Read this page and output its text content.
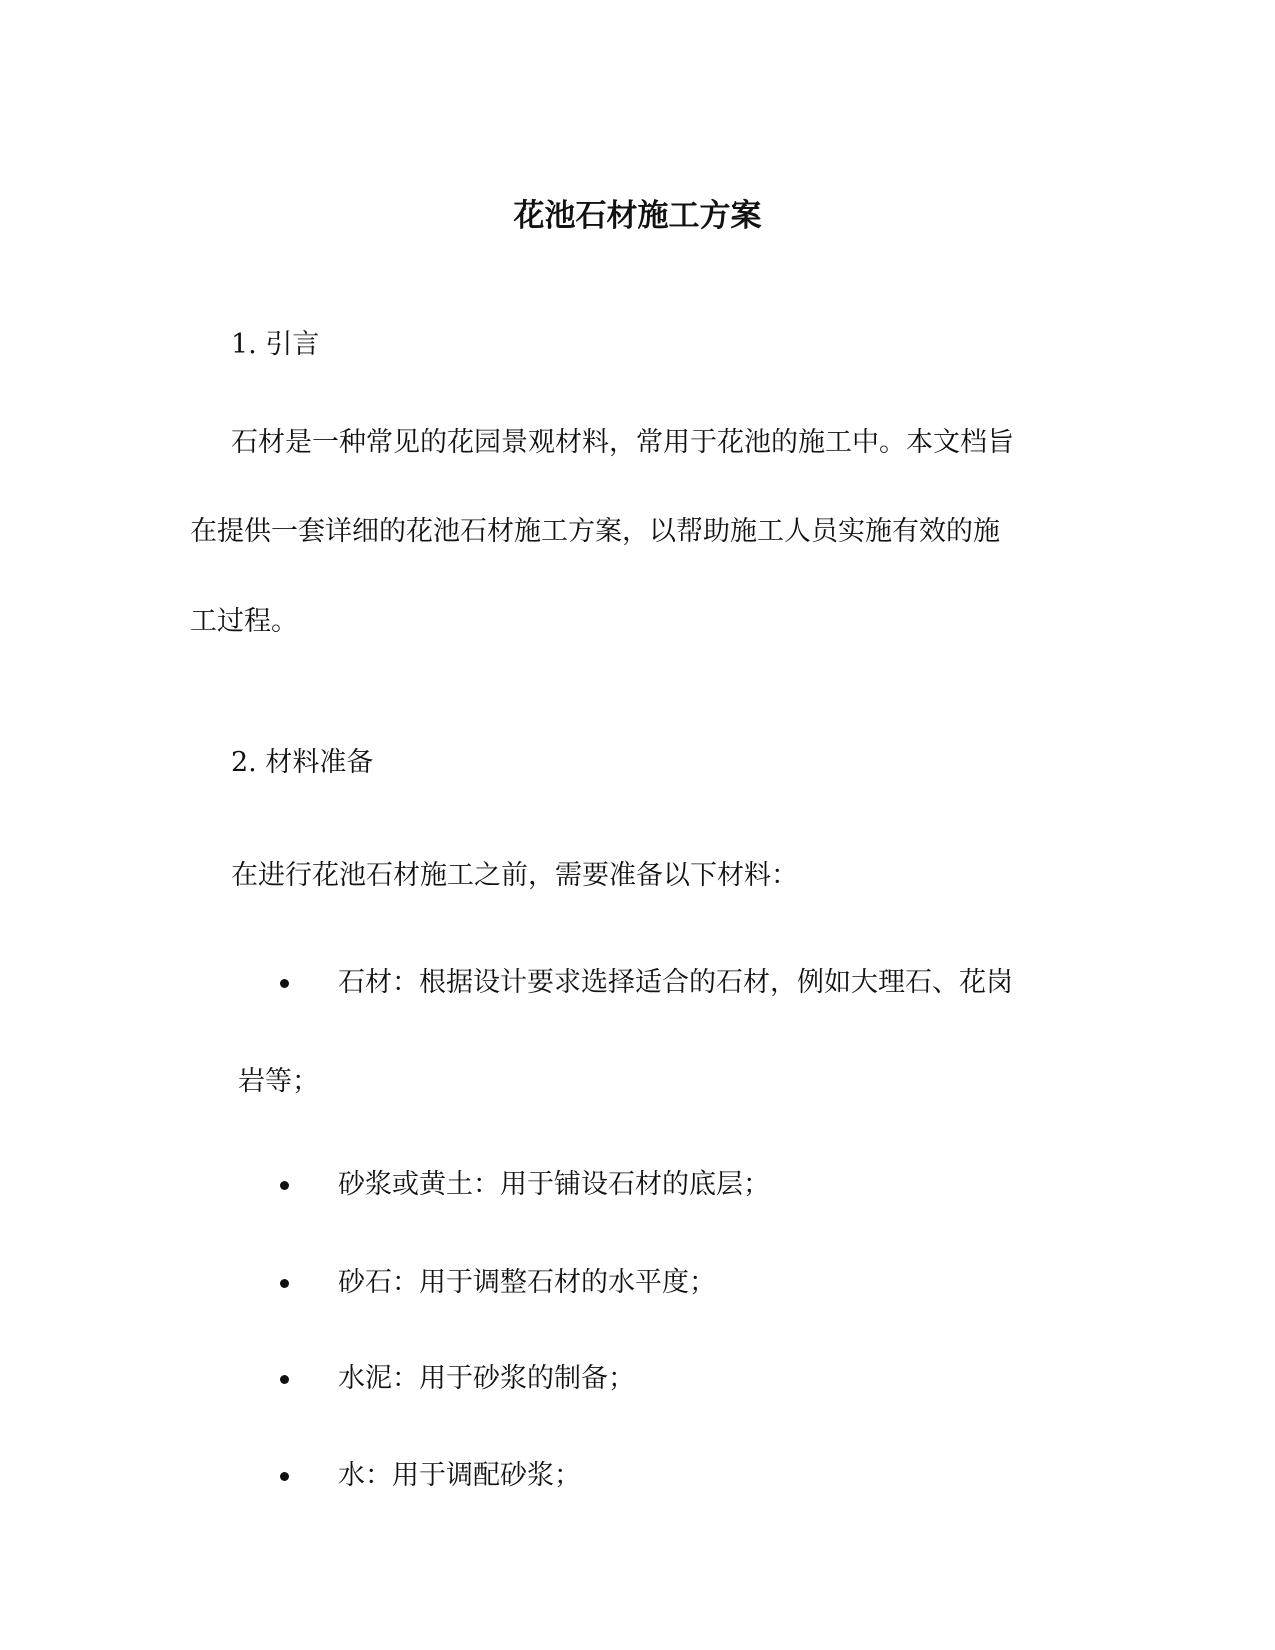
花池石材施工方案
1. 引言
石材是一种常见的花园景观材料，常用于花池的施工中。本文档旨
在提供一套详细的花池石材施工方案，以帮助施工人员实施有效的施
工过程。
2. 材料准备
在进行花池石材施工之前，需要准备以下材料：
石材：根据设计要求选择适合的石材，例如大理石、花岗
岩等；
砂浆或黄土：用于铺设石材的底层；
砂石：用于调整石材的水平度；
水泥：用于砂浆的制备；
水：用于调配砂浆；
